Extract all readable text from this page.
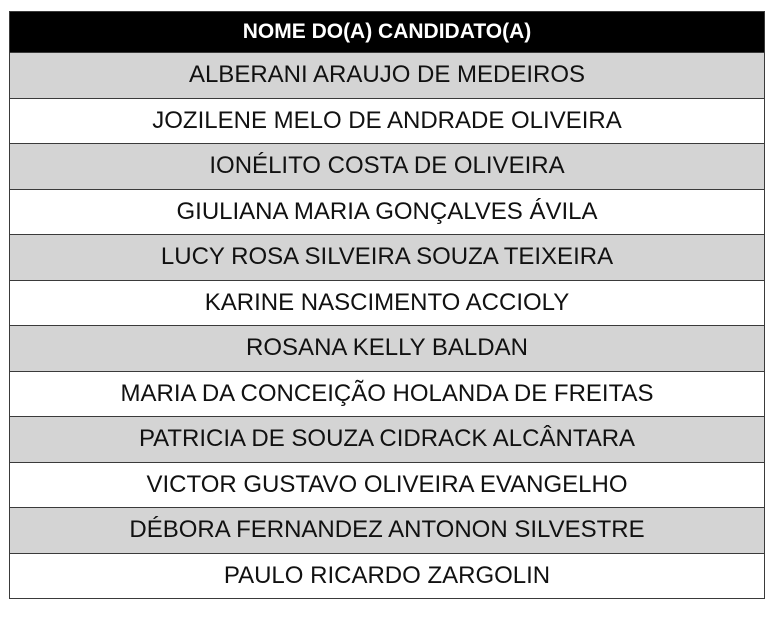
NOME DO(A) CANDIDATO(A)
ALBERANI ARAUJO DE MEDEIROS
JOZILENE MELO DE ANDRADE OLIVEIRA
IONÉLITO COSTA DE OLIVEIRA
GIULIANA MARIA GONÇALVES ÁVILA
LUCY ROSA SILVEIRA SOUZA TEIXEIRA
KARINE NASCIMENTO ACCIOLY
ROSANA KELLY BALDAN
MARIA DA CONCEIÇÃO HOLANDA DE FREITAS
PATRICIA DE SOUZA CIDRACK ALCÂNTARA
VICTOR GUSTAVO OLIVEIRA EVANGELHO
DÉBORA FERNANDEZ ANTONON SILVESTRE
PAULO RICARDO ZARGOLIN
